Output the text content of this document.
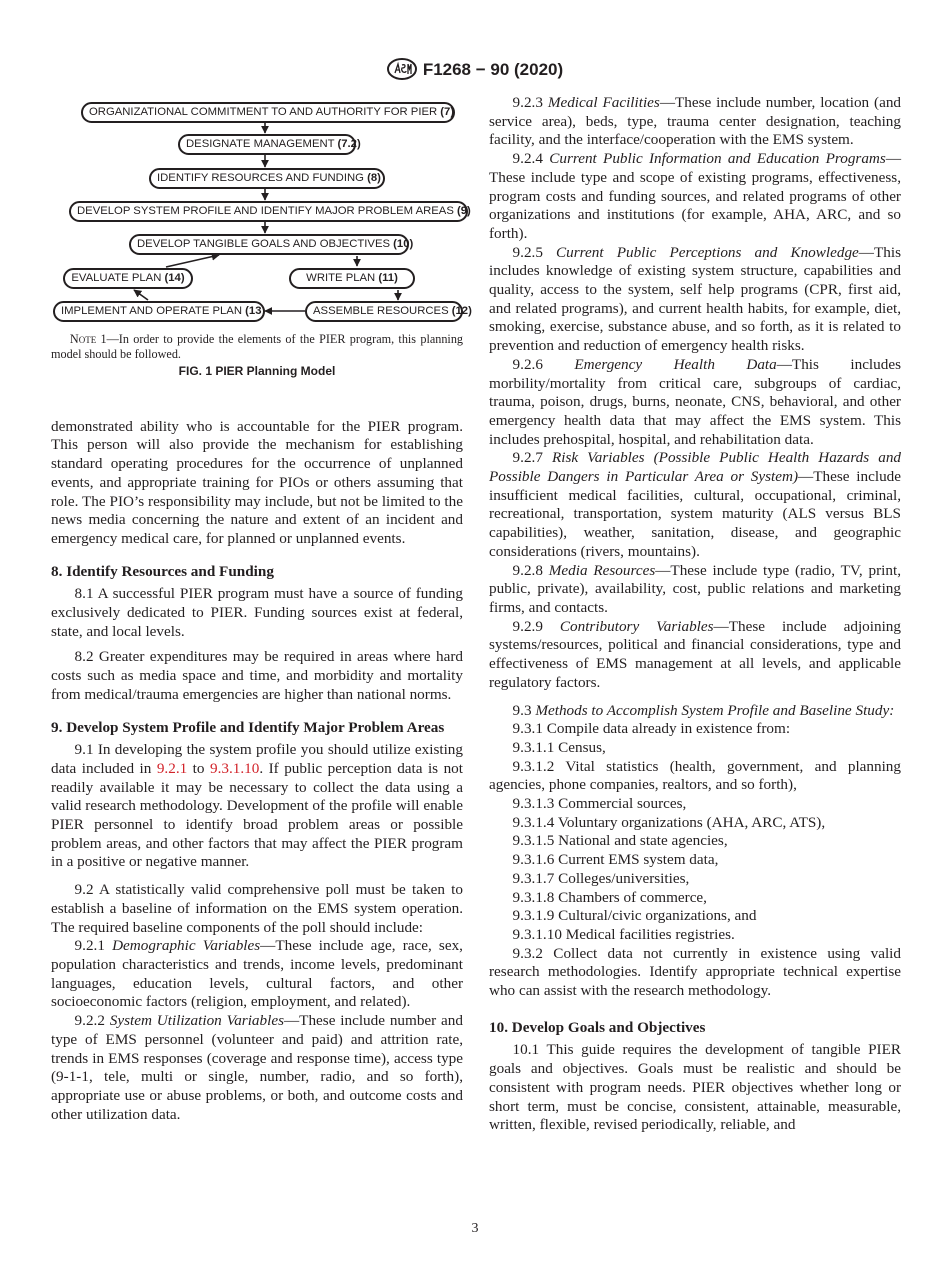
F1268 − 90 (2020)
ORGANIZATIONAL COMMITMENT TO AND AUTHORITY FOR PIER (7)
DESIGNATE MANAGEMENT (7.2)
IDENTIFY RESOURCES AND FUNDING (8)
DEVELOP SYSTEM PROFILE AND IDENTIFY MAJOR PROBLEM AREAS (9)
DEVELOP TANGIBLE GOALS AND OBJECTIVES (10)
EVALUATE PLAN (14)	WRITE PLAN (11)
IMPLEMENT AND OPERATE PLAN (13)	ASSEMBLE RESOURCES (12)

Note 1—In order to provide the elements of the PIER program, this planning model should be followed.

FIG. 1 PIER Planning Model

demonstrated ability who is accountable for the PIER program. This person will also provide the mechanism for establishing standard operating procedures for the occurrence of unplanned events, and appropriate training for PIOs or others assuming that role. The PIO’s responsibility may include, but not be limited to the news media concerning the nature and extent of an incident and emergency medical care, for planned or unplanned events.

8. Identify Resources and Funding

8.1 A successful PIER program must have a source of funding exclusively dedicated to PIER. Funding sources exist at federal, state, and local levels.

8.2 Greater expenditures may be required in areas where hard costs such as media space and time, and morbidity and mortality from medical/trauma emergencies are higher than national norms.

9. Develop System Profile and Identify Major Problem Areas

9.1 In developing the system profile you should utilize existing data included in 9.2.1 to 9.3.1.10. If public perception data is not readily available it may be necessary to collect the data using a valid research methodology. Development of the profile will enable PIER personnel to identify broad problem areas or possible problem areas, and other factors that may affect the PIER program in a positive or negative manner.

9.2 A statistically valid comprehensive poll must be taken to establish a baseline of information on the EMS system operation. The required baseline components of the poll should include:

9.2.1 Demographic Variables—These include age, race, sex, population characteristics and trends, income levels, predominant languages, education levels, cultural factors, and other socioeconomic factors (religion, employment, and related).

9.2.2 System Utilization Variables—These include number and type of EMS personnel (volunteer and paid) and attrition rate, trends in EMS responses (coverage and response time), access type (9-1-1, tele, multi or single, number, radio, and so forth), appropriate use or abuse problems, or both, and outcome costs and other utilization data.

9.2.3 Medical Facilities—These include number, location (and service area), beds, type, trauma center designation, teaching facility, and the interface/cooperation with the EMS system.

9.2.4 Current Public Information and Education Programs—These include type and scope of existing programs, effectiveness, program costs and funding sources, and related programs of other organizations and institutions (for example, AHA, ARC, and so forth).

9.2.5 Current Public Perceptions and Knowledge—This includes knowledge of existing system structure, capabilities and quality, access to the system, self help programs (CPR, first aid, and related programs), and current health habits, for example, diet, smoking, exercise, substance abuse, and so forth, as it is related to prevention and reduction of emergency health risks.

9.2.6 Emergency Health Data—This includes morbility/mortality from critical care, subgroups of cardiac, trauma, poison, drugs, burns, neonate, CNS, behavioral, and other emergency health data that may affect the EMS system. This includes prehospital, hospital, and rehabilitation data.

9.2.7 Risk Variables (Possible Public Health Hazards and Possible Dangers in Particular Area or System)—These include insufficient medical facilities, cultural, occupational, criminal, recreational, transportation, system maturity (ALS versus BLS capabilities), weather, sanitation, disease, and geographic considerations (rivers, mountains).

9.2.8 Media Resources—These include type (radio, TV, print, public, private), availability, cost, public relations and marketing firms, and contacts.

9.2.9 Contributory Variables—These include adjoining systems/resources, political and financial considerations, type and effectiveness of EMS management at all levels, and applicable regulatory factors.

9.3 Methods to Accomplish System Profile and Baseline Study:

9.3.1 Compile data already in existence from:

9.3.1.1 Census,

9.3.1.2 Vital statistics (health, government, and planning agencies, phone companies, realtors, and so forth),

9.3.1.3 Commercial sources,

9.3.1.4 Voluntary organizations (AHA, ARC, ATS),

9.3.1.5 National and state agencies,

9.3.1.6 Current EMS system data,

9.3.1.7 Colleges/universities,

9.3.1.8 Chambers of commerce,

9.3.1.9 Cultural/civic organizations, and

9.3.1.10 Medical facilities registries.

9.3.2 Collect data not currently in existence using valid research methodologies. Identify appropriate technical expertise who can assist with the research methodology.

10. Develop Goals and Objectives

10.1 This guide requires the development of tangible PIER goals and objectives. Goals must be realistic and should be consistent with program needs. PIER objectives whether long or short term, must be concise, consistent, attainable, measurable, written, flexible, revised periodically, reliable, and

3
